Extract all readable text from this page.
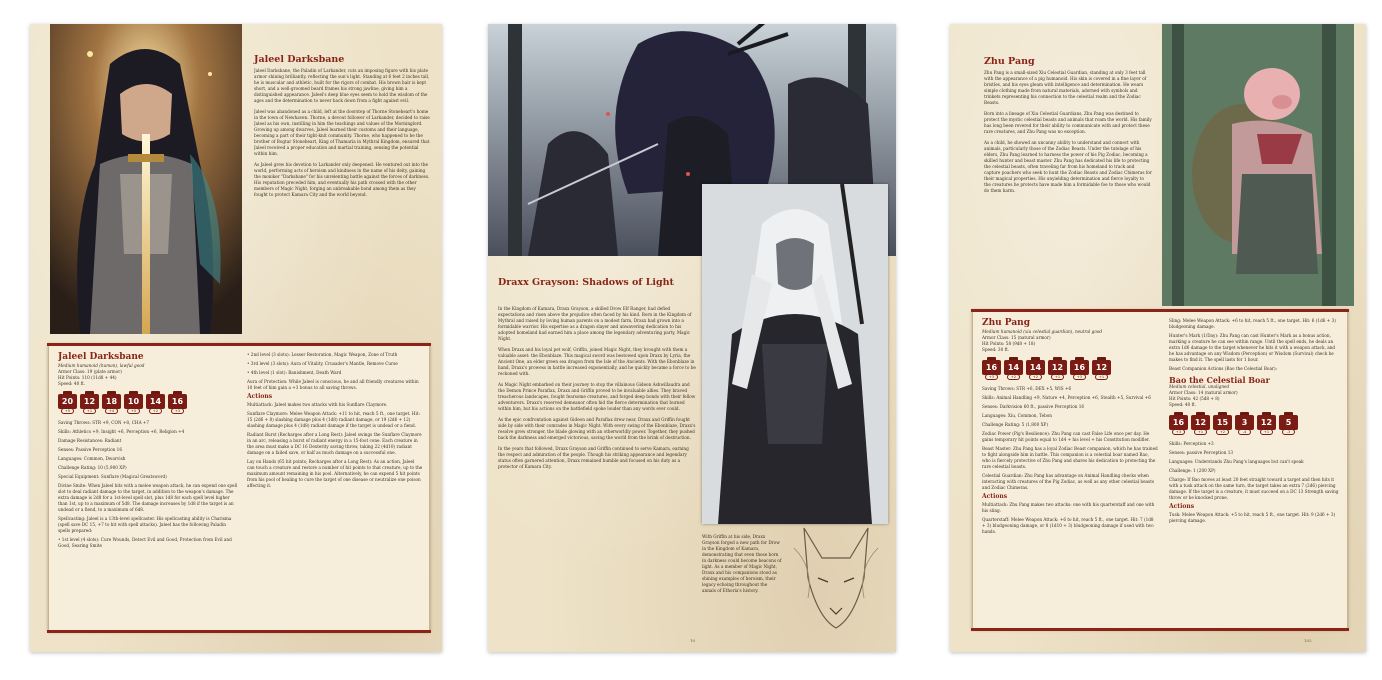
Jaleel Darksbane

Jaleel Darksbane, the Paladin of Larkander, cuts an imposing figure with his plate armor shining brilliantly, reflecting the sun's light. Standing at 6 feet 2 inches tall, he is muscular and athletic, built for the rigors of combat. His brown hair is kept short, and a well-groomed beard frames his strong jawline, giving him a distinguished appearance. Jaleel's deep blue eyes seem to hold the wisdom of the ages and the determination to never back down from a fight against evil.

Jaleel was abandoned as a child, left at the doorstep of Thorne Stoneheart's home in the town of Newhaven. Thorne, a devout follower of Larkander, decided to raise Jaleel as his own, instilling in him the teachings and values of the Morninglord. Growing up among dwarves, Jaleel learned their customs and their language, becoming a part of their tight-knit community. Thorne, who happened to be the brother of Bogtar Stoneheart, King of Thamaria in Mythral Kingdom, ensured that Jaleel received a proper education and martial training, sensing the potential within him.

As Jaleel grew his devotion to Larkander only deepened. He ventured out into the world, performing acts of heroism and kindness in the name of his deity, gaining the moniker "Darksbane" for his unrelenting battle against the forces of darkness. His reputation preceded him, and eventually his path crossed with the other members of Magic Night, forging an unbreakable bond among them as they fought to protect Kamara City and the world beyond.

Jaleel Darksbane
Medium humanoid (human), lawful good
Armor Class: 19 (plate armor)
Hit Points: 110 (11d8 + 44)
Speed: 40 ft.
20
+5
12
+1
18
+4
10
+0
14
+2
16
+3

Saving Throws: STR +9, CON +8, CHA +7

Skills: Athletics +9, Insight +6, Perception +6, Religion +4

Damage Resistances: Radiant

Senses: Passive Perception 16

Languages: Common, Dwarvish

Challenge Rating: 10 (5,900 XP)

Special Equipment: Sunflare (Magical Greatsword)

Divine Smite: When Jaleel hits with a melee weapon attack, he can expend one spell slot to deal radiant damage to the target, in addition to the weapon's damage. The extra damage is 2d8 for a 1st-level spell slot, plus 1d8 for each spell level higher than 1st, up to a maximum of 5d8. The damage increases by 1d8 if the target is an undead or a fiend, to a maximum of 6d8.

Spellcasting: Jaleel is a 13th-level spellcaster. His spellcasting ability is Charisma (spell save DC 15, +7 to hit with spell attacks). Jaleel has the following Paladin spells prepared:

• 1st level (4 slots): Cure Wounds, Detect Evil and Good, Protection from Evil and Good, Searing Smite

• 2nd level (3 slots): Lesser Restoration, Magic Weapon, Zone of Truth

• 3rd level (3 slots): Aura of Vitality, Crusader's Mantle, Remove Curse

• 4th level (1 slot): Banishment, Death Ward

Aura of Protection: While Jaleel is conscious, he and all friendly creatures within 10 feet of him gain a +3 bonus to all saving throws.

Actions

Multiattack: Jaleel makes two attacks with his Sunflare Claymore.

Sunflare Claymore: Melee Weapon Attack: +11 to hit, reach 5 ft., one target. Hit: 15 (2d6 + 8) slashing damage plus 4 (1d8) radiant damage, or 19 (2d6 + 12) slashing damage plus 4 (1d8) radiant damage if the target is undead or a fiend.

Radiant Burst (Recharges after a Long Rest): Jaleel swings the Sunflare Claymore in an arc, releasing a burst of radiant energy in a 15-foot cone. Each creature in the area must make a DC 16 Dexterity saving throw, taking 22 (4d10) radiant damage on a failed save, or half as much damage on a successful one.

Lay on Hands (65 hit points; Recharges after a Long Rest): As an action, Jaleel can touch a creature and restore a number of hit points to that creature, up to the maximum amount remaining in his pool. Alternatively, he can expend 5 hit points from his pool of healing to cure the target of one disease or neutralize one poison affecting it.

Draxx Grayson: Shadows of Light

In the Kingdom of Kamara, Draxx Grayson, a skilled Drow Elf Ranger, had defied expectations and risen above the prejudice often faced by his kind. Born in the Kingdom of Mythral and raised by loving human parents on a modest farm, Draxx had grown into a formidable warrior. His expertise as a dragon slayer and unwavering dedication to his adopted homeland had earned him a place among the legendary adventuring party, Magic Night.

When Draxx and his loyal pet wolf, Griffin, joined Magic Night, they brought with them a valuable asset: the Ebonblaze. This magical sword was bestowed upon Draxx by Lyria, the Ancient One, an elder green sea dragon from the Isle of the Ancients. With the Ebonblaze in hand, Draxx's prowess in battle increased exponentially, and he quickly became a force to be reckoned with.

As Magic Night embarked on their journey to stop the villainous Gideon Ashwillaudra and the Demon Prince Paraflax, Draxx and Griffin proved to be invaluable allies. They braved treacherous landscapes, fought fearsome creatures, and forged deep bonds with their fellow adventurers. Draxx's reserved demeanor often hid the fierce determination that burned within him, but his actions on the battlefield spoke louder than any words ever could.

As the epic confrontation against Gideon and Paraflax drew near, Draxx and Griffin fought side by side with their comrades in Magic Night. With every swing of the Ebonblaze, Draxx's resolve grew stronger, the blade glowing with an otherworldly power. Together, they pushed back the darkness and emerged victorious, saving the world from the brink of destruction.

In the years that followed, Draxx Grayson and Griffin continued to serve Kamara, earning the respect and admiration of the people. Though his striking appearance and legendary status often garnered attention, Draxx remained humble and focused on his duty as a protector of Kamara City.

With Griffin at his side, Draxx Grayson forged a new path for Drow in the Kingdom of Kamara, demonstrating that even those born in darkness could become beacons of light. As a member of Magic Night, Draxx and his companions stood as shining examples of heroism, their legacy echoing throughout the annals of Ethoria's history.
10
Zhu Pang

Zhu Pang is a small-sized Xiu Celestial Guardian, standing at only 3 feet tall with the appearance of a pig humanoid. His skin is covered in a fine layer of bristles, and his eyes gleam with intelligence and determination. He wears simple clothing made from natural materials, adorned with symbols and trinkets representing his connection to the celestial realm and the Zodiac Beasts.

Born into a lineage of Xiu Celestial Guardians, Zhu Pang was destined to protect the mystic celestial beasts and animals that roam the world. His family has long been revered for their ability to communicate with and protect these rare creatures, and Zhu Pang was no exception.

As a child, he showed an uncanny ability to understand and connect with animals, particularly those of the Zodiac Beasts. Under the tutelage of his elders, Zhu Pang learned to harness the power of his Pig Zodiac, becoming a skilled hunter and beast master. Zhu Pang has dedicated his life to protecting the celestial beasts, often traveling far from his homeland to track and capture poachers who seek to hunt the Zodiac Beasts and Zodiac Chimeras for their magical properties. His unyielding determination and fierce loyalty to the creatures he protects have made him a formidable foe to those who would do them harm.

Zhu Pang
Medium humanoid (xiu celestial guardian), neutral good
Armor Class: 15 (natural armor)
Hit Points: 58 (9d8 + 18)
Speed: 30 ft.
16
+3
14
+2
14
+2
12
+1
16
+3
12
+1

Saving Throws: STR +6, DEX +5, WIS +6

Skills: Animal Handling +9, Nature +4, Perception +6, Stealth +5, Survival +6

Senses: Darkvision 60 ft., passive Perception 16

Languages: Xiu, Common, Tebon

Challenge Rating: 5 (1,800 XP)

Zodiac Power (Pig's Resilience): Zhu Pang can cast False Life once per day. He gains temporary hit points equal to 1d4 + his level + his Constitution modifier.

Beast Master: Zhu Pang has a loyal Zodiac Beast companion, which he has trained to fight alongside him in battle. This companion is a celestial boar named Bao, who is fiercely protective of Zhu Pang and shares his dedication to protecting the rare celestial beasts.

Celestial Guardian: Zhu Pang has advantage on Animal Handling checks when interacting with creatures of the Pig Zodiac, as well as any other celestial beasts and Zodiac Chimeras.

Actions

Multiattack: Zhu Pang makes two attacks: one with his quarterstaff and one with his sling.

Quarterstaff: Melee Weapon Attack: +6 to hit, reach 5 ft., one target. Hit: 7 (1d8 + 3) bludgeoning damage, or 8 (1d10 + 3) bludgeoning damage if used with two hands.

Sling: Melee Weapon Attack: +6 to hit, reach 5 ft., one target. Hit: 6 (1d6 + 3) bludgeoning damage.

Hunter's Mark (1/Day): Zhu Pang can cast Hunter's Mark as a bonus action, marking a creature he can see within range. Until the spell ends, he deals an extra 1d6 damage to the target whenever he hits it with a weapon attack, and he has advantage on any Wisdom (Perception) or Wisdom (Survival) check he makes to find it. The spell lasts for 1 hour.

Beast Companion Actions (Bao the Celestial Boar):

Bao the Celestial Boar
Medium celestial, unaligned
Armor Class: 14 (natural armor)
Hit Points: 42 (5d8 + 8)
Speed: 40 ft.
16
+3
12
+1
15
+2
3
-4
12
+1
5
-3

Skills: Perception +3

Senses: passive Perception 13

Languages: Understands Zhu Pang's languages but can't speak

Challenge: 1 (200 XP)

Charge: If Bao moves at least 20 feet straight toward a target and then hits it with a tusk attack on the same turn, the target takes an extra 7 (2d6) piercing damage. If the target is a creature, it must succeed on a DC 13 Strength saving throw or be knocked prone.

Actions

Tusk: Melee Weapon Attack: +5 to hit, reach 5 ft., one target. Hit: 9 (2d6 + 3) piercing damage.

102
